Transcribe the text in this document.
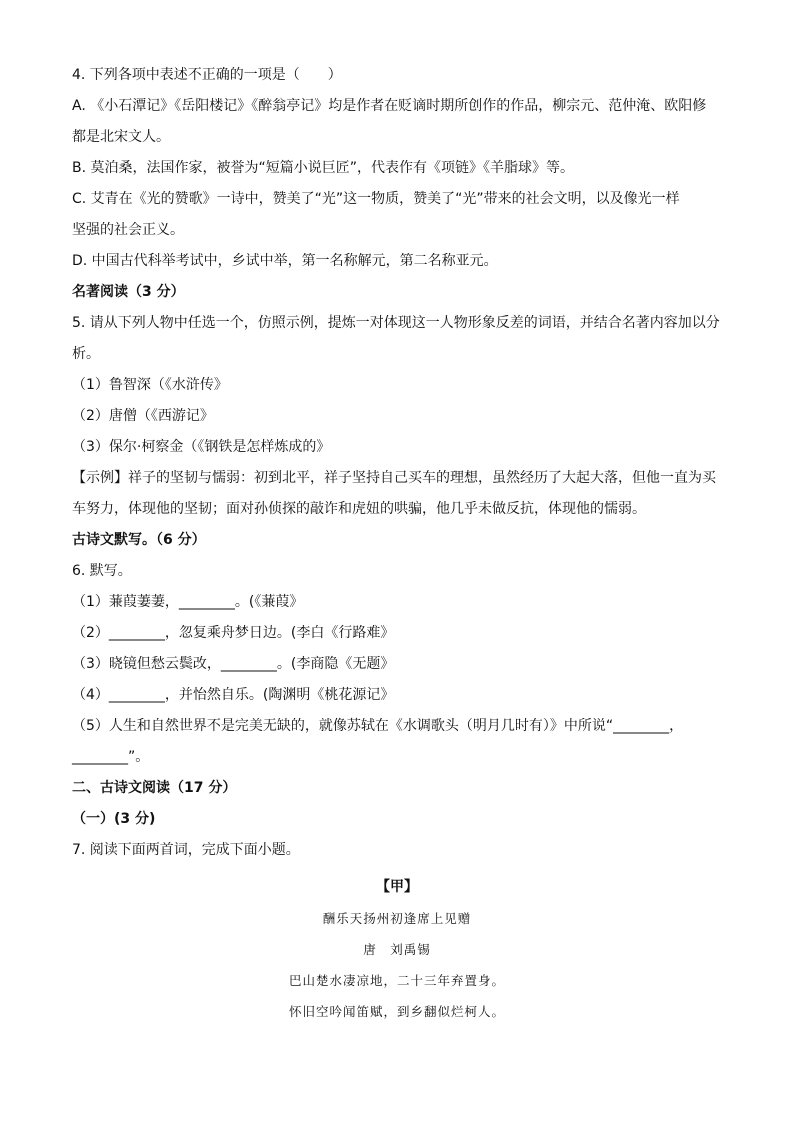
4. 下列各项中表述不正确的一项是（　　）

A. 《小石潭记》《岳阳楼记》《醉翁亭记》均是作者在贬谪时期所创作的作品，柳宗元、范仲淹、欧阳修

都是北宋文人。

B. 莫泊桑，法国作家，被誉为“短篇小说巨匠”，代表作有《项链》《羊脂球》等。

C. 艾青在《光的赞歌》一诗中，赞美了“光”这一物质，赞美了“光”带来的社会文明，以及像光一样

坚强的社会正义。

D. 中国古代科举考试中，乡试中举，第一名称解元，第二名称亚元。

名著阅读（3 分）

5. 请从下列人物中任选一个，仿照示例，提炼一对体现这一人物形象反差的词语，并结合名著内容加以分

析。

（1）鲁智深（《水浒传》

（2）唐僧（《西游记》

（3）保尔·柯察金（《钢铁是怎样炼成的》

【示例】祥子的坚韧与懦弱：初到北平，祥子坚持自己买车的理想，虽然经历了大起大落，但他一直为买

车努力，体现他的坚韧；面对孙侦探的敲诈和虎妞的哄骗，他几乎未做反抗，体现他的懦弱。

古诗文默写。（6 分）

6. 默写。

（1）蒹葭萋萋，________。(《蒹葭》

（2）________，忽复乘舟梦日边。(李白《行路难》

（3）晓镜但愁云鬓改，________。(李商隐《无题》

（4）________，并怡然自乐。(陶渊明《桃花源记》

（5）人生和自然世界不是完美无缺的，就像苏轼在《水调歌头（明月几时有）》中所说“________，

________”。

二、古诗文阅读（17 分）

（一）(3 分)

7. 阅读下面两首词，完成下面小题。

【甲】
酬乐天扬州初逢席上见赠
唐　刘禹锡
巴山楚水凄凉地，二十三年弃置身。
怀旧空吟闻笛赋，到乡翻似烂柯人。
